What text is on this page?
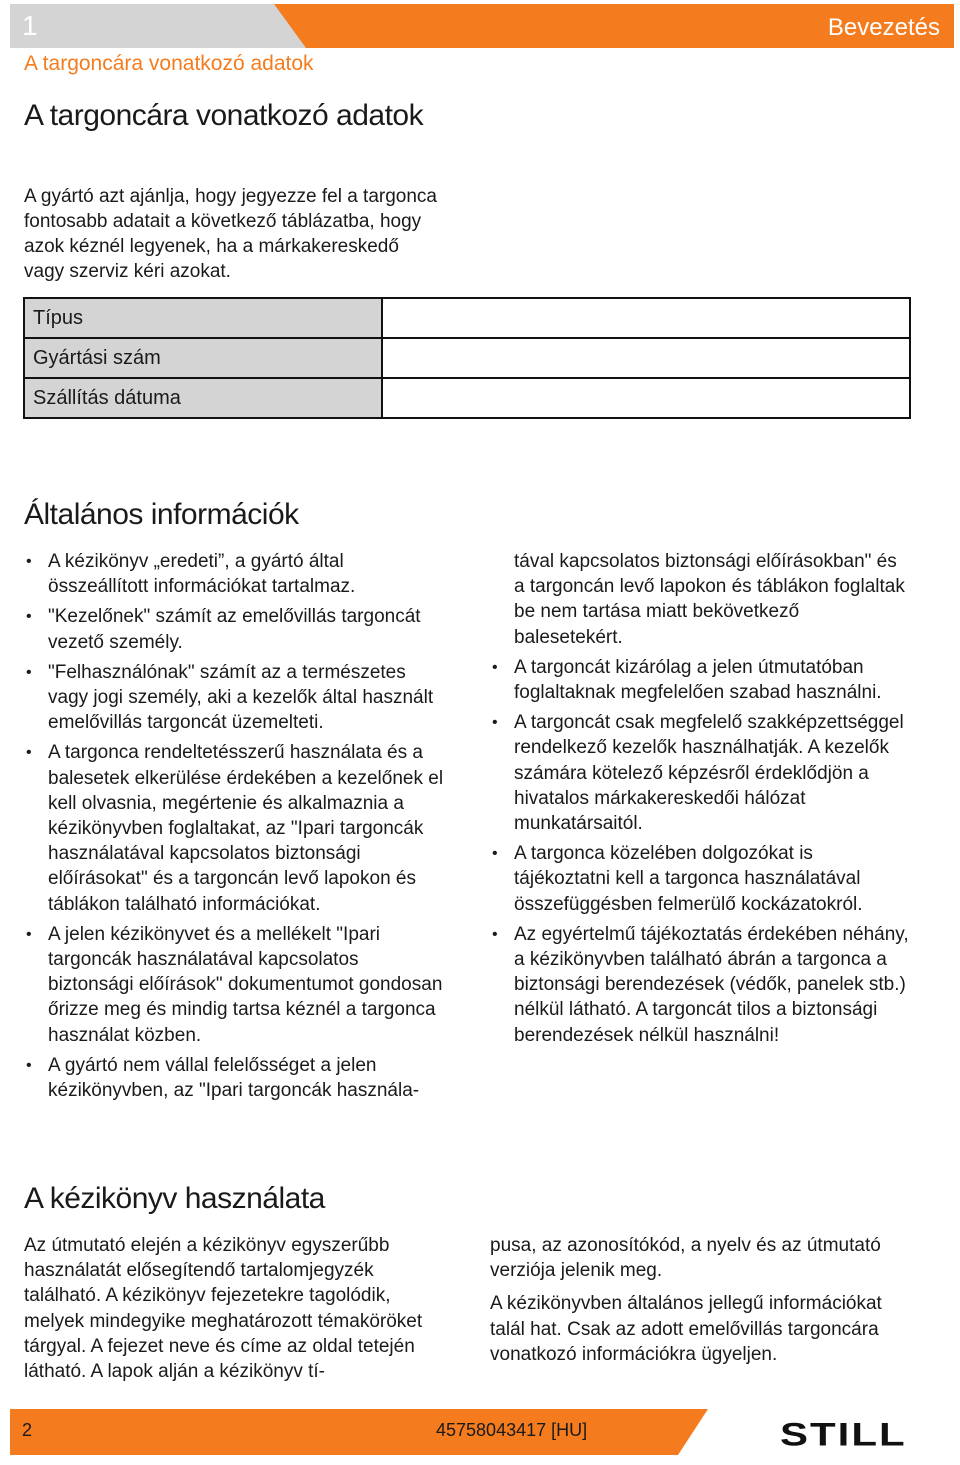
1	Bevezetés
A targoncára vonatkozó adatok
A targoncára vonatkozó adatok

A gyártó azt ajánlja, hogy jegyezze fel a targonca fontosabb adatait a következő táblázatba, hogy azok kéznél legyenek, ha a márkakereskedő vagy szerviz kéri azokat.

Típus	
Gyártási szám	
Szállítás dátuma	
Általános információk
• A kézikönyv „eredeti”, a gyártó által összeállított információkat tartalmaz.
• "Kezelőnek" számít az emelővillás targoncát vezető személy.
• "Felhasználónak" számít az a természetes vagy jogi személy, aki a kezelők által használt emelővillás targoncát üzemelteti.
• A targonca rendeltetésszerű használata és a balesetek elkerülése érdekében a kezelőnek el kell olvasnia, megértenie és alkalmaznia a kézikönyvben foglaltakat, az "Ipari targoncák használatával kapcsolatos biztonsági előírásokat" és a targoncán levő lapokon és táblákon található információkat.
• A jelen kézikönyvet és a mellékelt "Ipari targoncák használatával kapcsolatos biztonsági előírások" dokumentumot gondosan őrizze meg és mindig tartsa kéznél a targonca használat közben.
• A gyártó nem vállal felelősséget a jelen kézikönyvben, az "Ipari targoncák használa-
tával kapcsolatos biztonsági előírásokban" és a targoncán levő lapokon és táblákon foglaltak be nem tartása miatt bekövetkező balesetekért.
• A targoncát kizárólag a jelen útmutatóban foglaltaknak megfelelően szabad használni.
• A targoncát csak megfelelő szakképzettséggel rendelkező kezelők használhatják. A kezelők számára kötelező képzésről érdeklődjön a hivatalos márkakereskedői hálózat munkatársaitól.
• A targonca közelében dolgozókat is tájékoztatni kell a targonca használatával összefüggésben felmerülő kockázatokról.
• Az egyértelmű tájékoztatás érdekében néhány, a kézikönyvben található ábrán a targonca a biztonsági berendezések (védők, panelek stb.) nélkül látható. A targoncát tilos a biztonsági berendezések nélkül használni!
A kézikönyv használata

Az útmutató elején a kézikönyv egyszerűbb használatát elősegítendő tartalomjegyzék található. A kézikönyv fejezetekre tagolódik, melyek mindegyike meghatározott témaköröket tárgyal. A fejezet neve és címe az oldal tetején látható. A lapok alján a kézikönyv tí-

pusa, az azonosítókód, a nyelv és az útmutató verziója jelenik meg.

A kézikönyvben általános jellegű információkat talál hat. Csak az adott emelővillás targoncára vonatkozó információkra ügyeljen.

2	45758043417 [HU]	STILL
